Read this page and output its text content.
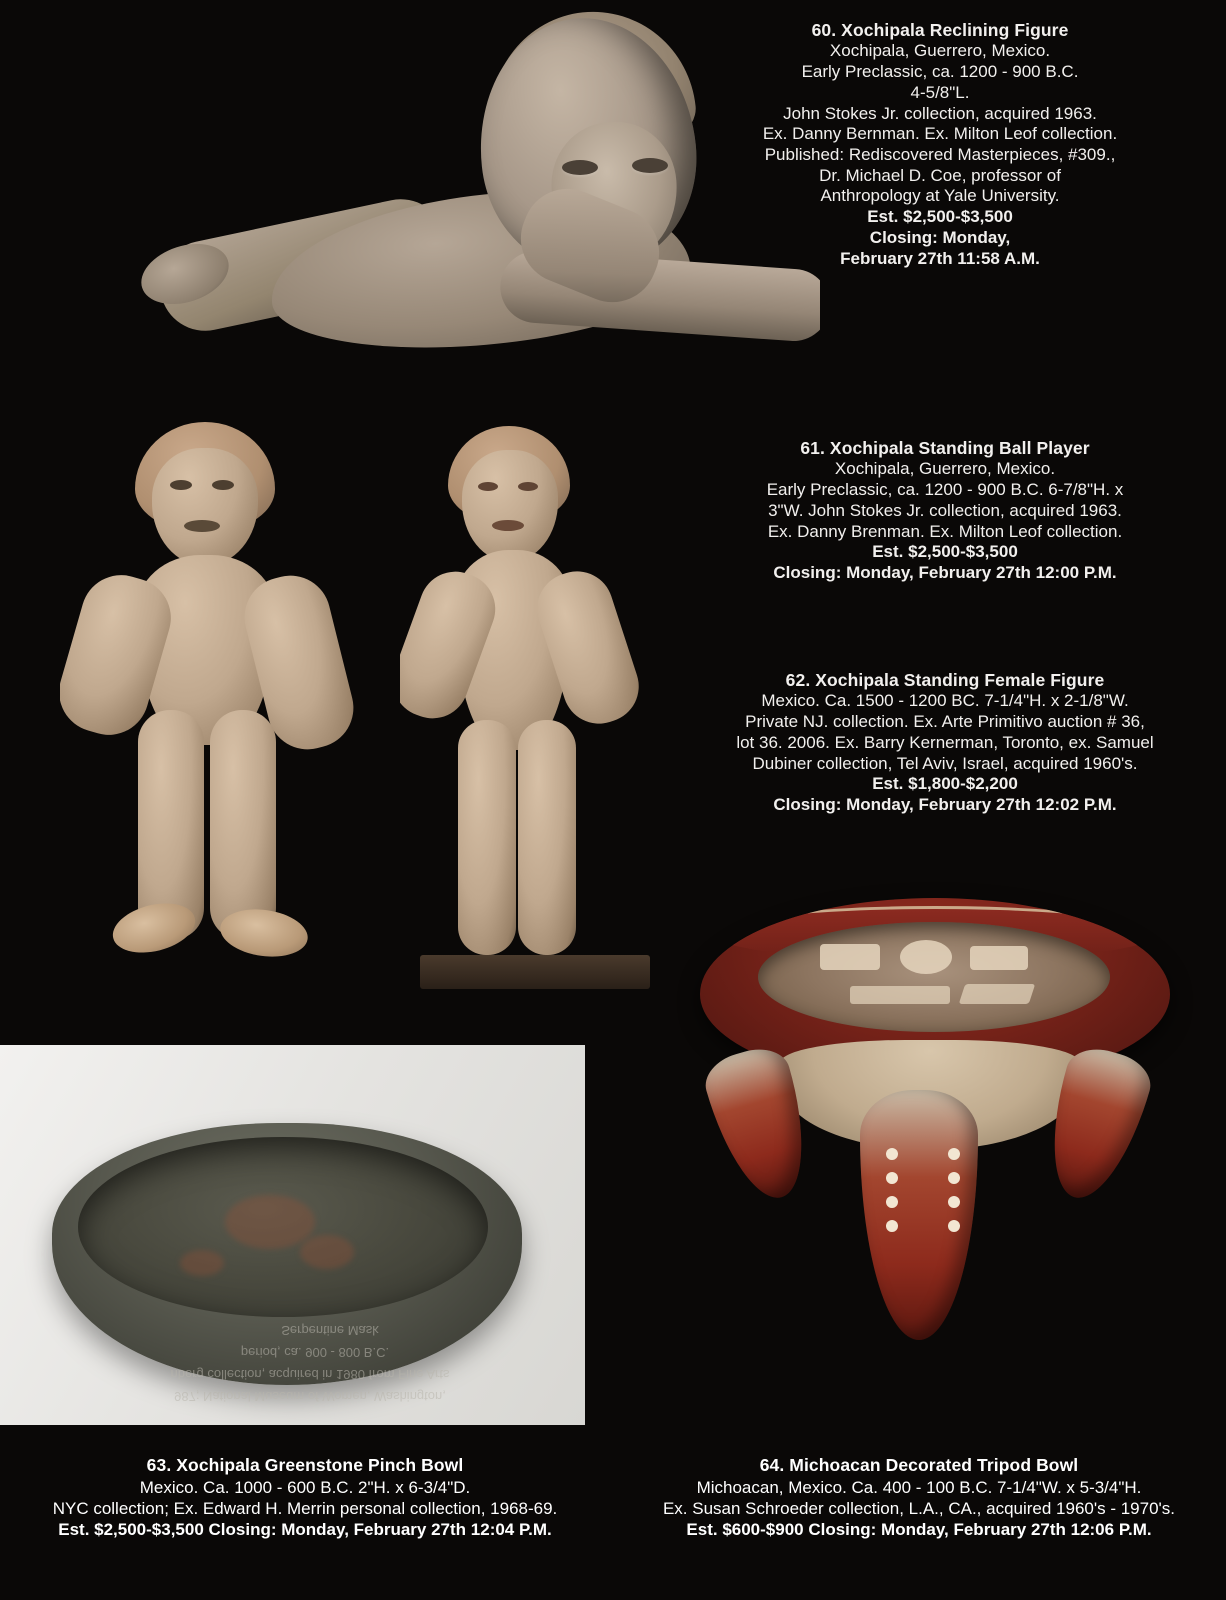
60. Xochipala Reclining Figure
Xochipala, Guerrero, Mexico.
Early Preclassic, ca. 1200 - 900 B.C.
4-5/8"L.
John Stokes Jr. collection, acquired 1963.
Ex. Danny Bernman. Ex. Milton Leof collection.
Published: Rediscovered Masterpieces, #309.,
Dr. Michael D. Coe, professor of
Anthropology at Yale University.
Est. $2,500-$3,500
Closing: Monday,
February 27th 11:58 A.M.
61. Xochipala Standing Ball Player
Xochipala, Guerrero, Mexico.
Early Preclassic, ca. 1200 - 900 B.C. 6-7/8"H. x
3"W. John Stokes Jr. collection, acquired 1963.
Ex. Danny Brenman. Ex. Milton Leof collection.
Est. $2,500-$3,500
Closing: Monday, February 27th 12:00 P.M.
62. Xochipala Standing Female Figure
Mexico. Ca. 1500 - 1200 BC. 7-1/4"H. x 2-1/8"W.
Private NJ. collection. Ex. Arte Primitivo auction # 36,
lot 36. 2006. Ex. Barry Kernerman, Toronto, ex. Samuel
Dubiner collection, Tel Aviv, Israel, acquired 1960's.
Est. $1,800-$2,200
Closing: Monday, February 27th 12:02 P.M.
Serpentine Mask
period, ca. 900 - 800 B.C.
nberg collection, acquired in 1980 from Fine Arts
987; National Museum of Women, Washington,
63. Xochipala Greenstone Pinch Bowl
Mexico. Ca. 1000 - 600 B.C. 2"H. x 6-3/4"D.
NYC collection; Ex. Edward H. Merrin personal collection, 1968-69.
Est. $2,500-$3,500 Closing: Monday, February 27th 12:04 P.M.
64. Michoacan Decorated Tripod Bowl
Michoacan, Mexico. Ca. 400 - 100 B.C. 7-1/4"W. x 5-3/4"H.
Ex. Susan Schroeder collection, L.A., CA., acquired 1960's - 1970's.
Est. $600-$900 Closing: Monday, February 27th 12:06 P.M.
